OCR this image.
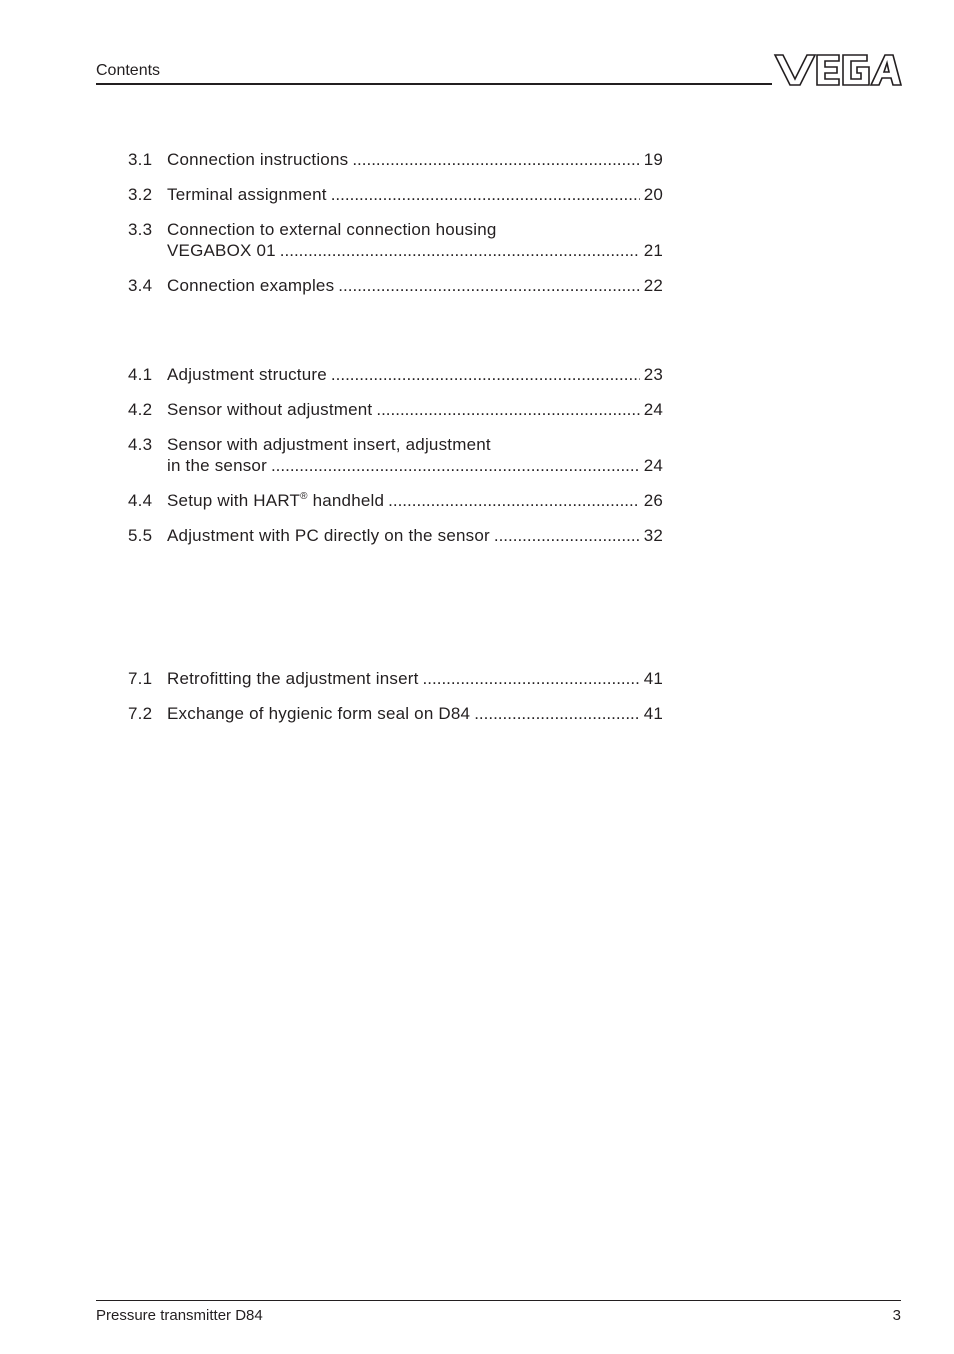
Contents
3.1 Connection instructions .....	19
3.2 Terminal assignment .....	20
3.3 Connection to external connection housing
VEGABOX 01 .....	21
3.4 Connection examples .....	22
4.1 Adjustment structure .....	23
4.2 Sensor without adjustment .....	24
4.3 Sensor with adjustment insert, adjustment
in the sensor .....	24
4.4 Setup with HART® handheld .....	26
5.5 Adjustment with PC directly on the sensor .....	32
7.1 Retrofitting the adjustment insert .....	41
7.2 Exchange of hygienic form seal on D84 .....	41
Pressure transmitter D84	3
